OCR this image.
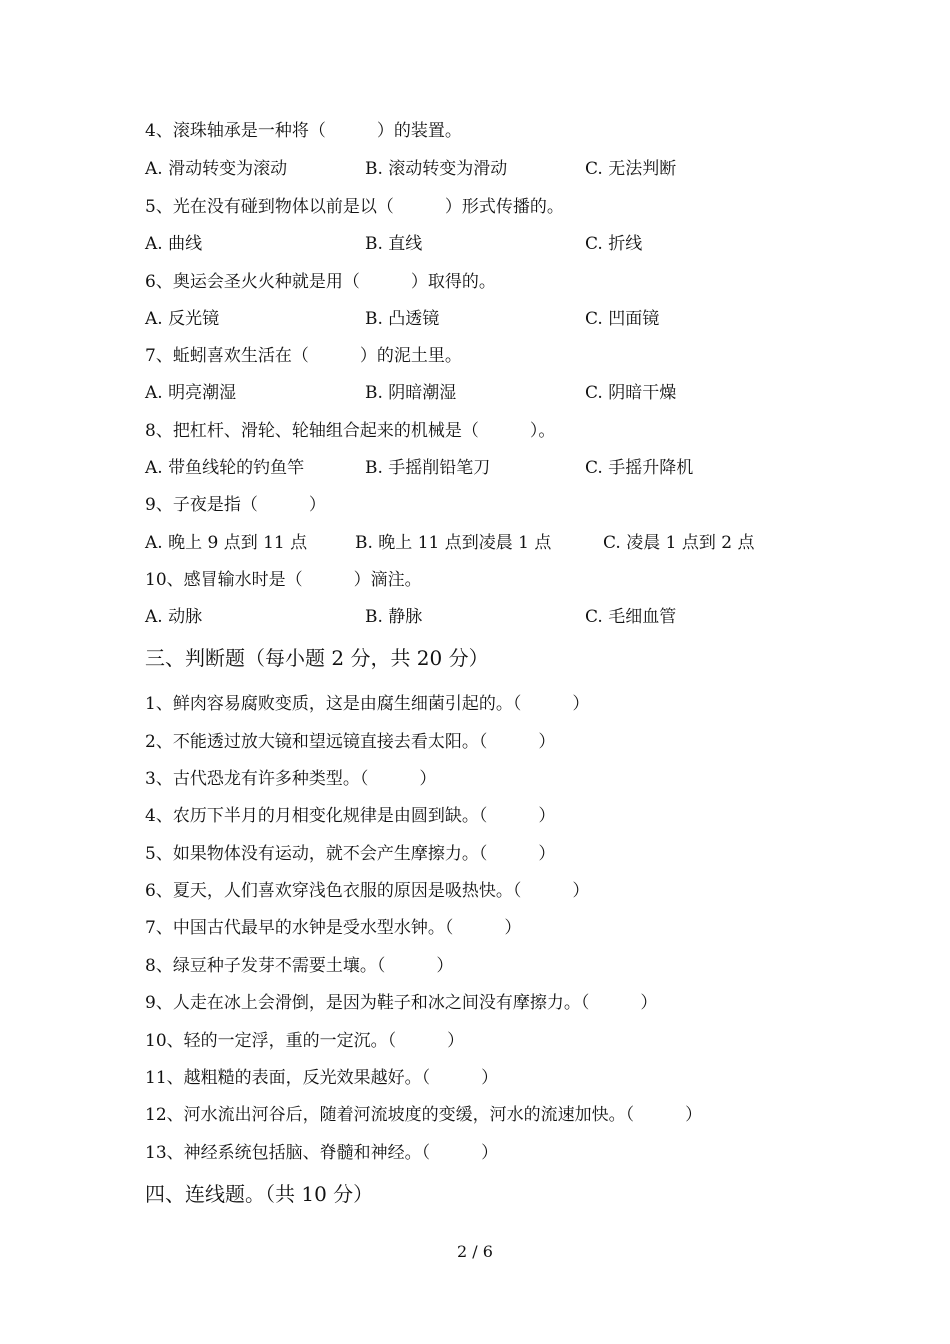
4、滚珠轴承是一种将（　　　）的装置。
A. 滑动转变为滚动	B. 滚动转变为滑动	C. 无法判断
5、光在没有碰到物体以前是以（　　　）形式传播的。
A. 曲线	B. 直线	C. 折线
6、奥运会圣火火种就是用（　　　）取得的。
A. 反光镜	B. 凸透镜	C. 凹面镜
7、蚯蚓喜欢生活在（　　　）的泥土里。
A. 明亮潮湿	B. 阴暗潮湿	C. 阴暗干燥
8、把杠杆、滑轮、轮轴组合起来的机械是（　　　）。
A. 带鱼线轮的钓鱼竿	B. 手摇削铅笔刀	C. 手摇升降机
9、子夜是指（　　　）
A. 晚上 9 点到 11 点	B. 晚上 11 点到凌晨 1 点	C. 凌晨 1 点到 2 点
10、感冒输水时是（　　　）滴注。
A. 动脉	B. 静脉	C. 毛细血管
三、判断题（每小题 2 分，共 20 分）
1、鲜肉容易腐败变质，这是由腐生细菌引起的。（　　　）
2、不能透过放大镜和望远镜直接去看太阳。（　　　）
3、古代恐龙有许多种类型。（　　　）
4、农历下半月的月相变化规律是由圆到缺。（　　　）
5、如果物体没有运动，就不会产生摩擦力。（　　　）
6、夏天，人们喜欢穿浅色衣服的原因是吸热快。（　　　）
7、中国古代最早的水钟是受水型水钟。（　　　）
8、绿豆种子发芽不需要土壤。（　　　）
9、人走在冰上会滑倒，是因为鞋子和冰之间没有摩擦力。（　　　）
10、轻的一定浮，重的一定沉。（　　　）
11、越粗糙的表面，反光效果越好。（　　　）
12、河水流出河谷后，随着河流坡度的变缓，河水的流速加快。（　　　）
13、神经系统包括脑、脊髓和神经。（　　　）
四、连线题。（共 10 分）
2 / 6
